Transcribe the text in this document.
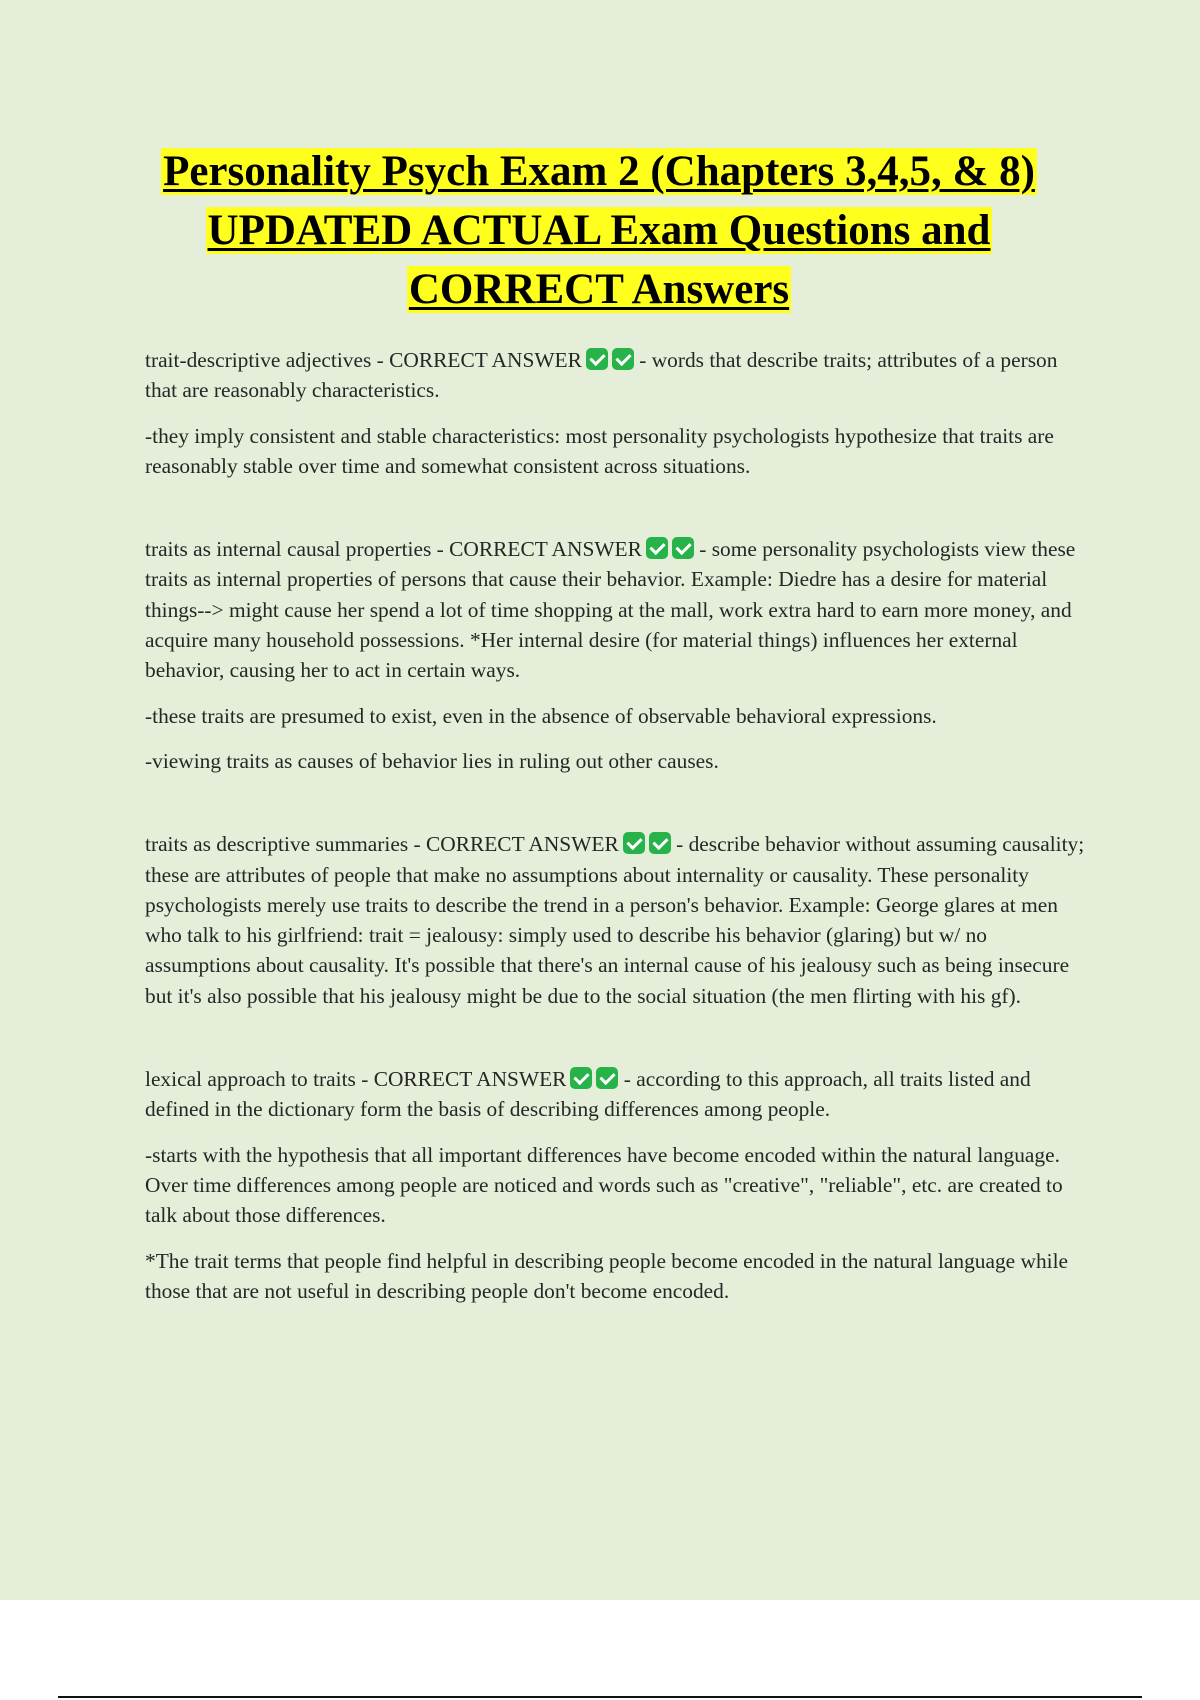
Personality Psych Exam 2 (Chapters 3,4,5, & 8) UPDATED ACTUAL Exam Questions and CORRECT Answers

trait-descriptive adjectives - CORRECT ANSWER - words that describe traits; attributes of a person that are reasonably characteristics.

-they imply consistent and stable characteristics: most personality psychologists hypothesize that traits are reasonably stable over time and somewhat consistent across situations.

traits as internal causal properties - CORRECT ANSWER - some personality psychologists view these traits as internal properties of persons that cause their behavior. Example: Diedre has a desire for material things--> might cause her spend a lot of time shopping at the mall, work extra hard to earn more money, and acquire many household possessions. *Her internal desire (for material things) influences her external behavior, causing her to act in certain ways.

-these traits are presumed to exist, even in the absence of observable behavioral expressions.

-viewing traits as causes of behavior lies in ruling out other causes.

traits as descriptive summaries - CORRECT ANSWER - describe behavior without assuming causality; these are attributes of people that make no assumptions about internality or causality. These personality psychologists merely use traits to describe the trend in a person's behavior. Example: George glares at men who talk to his girlfriend: trait = jealousy: simply used to describe his behavior (glaring) but w/ no assumptions about causality. It's possible that there's an internal cause of his jealousy such as being insecure but it's also possible that his jealousy might be due to the social situation (the men flirting with his gf).

lexical approach to traits - CORRECT ANSWER - according to this approach, all traits listed and defined in the dictionary form the basis of describing differences among people.

-starts with the hypothesis that all important differences have become encoded within the natural language. Over time differences among people are noticed and words such as "creative", "reliable", etc. are created to talk about those differences.

*The trait terms that people find helpful in describing people become encoded in the natural language while those that are not useful in describing people don't become encoded.
